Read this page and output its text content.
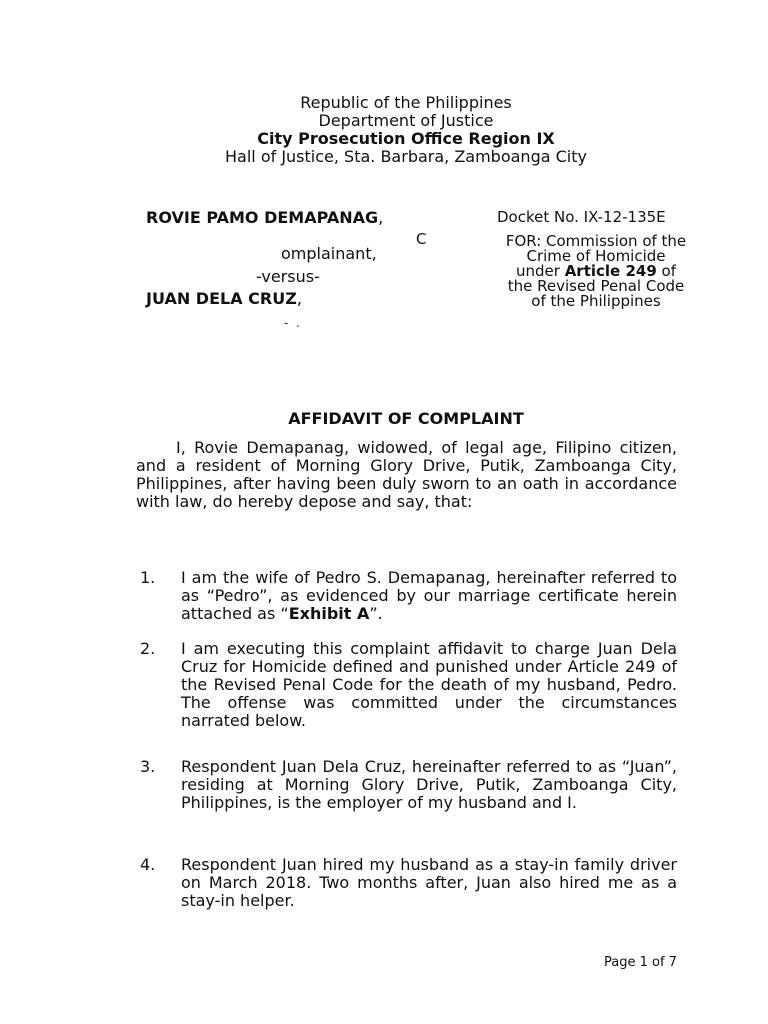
Republic of the Philippines
Department of Justice
City Prosecution Office Region IX
Hall of Justice, Sta. Barbara, Zamboanga City
ROVIE PAMO DEMAPANAG,
C
omplainant,
-versus-
JUAN DELA CRUZ,
- .
Docket No. IX-12-135E
FOR: Commission of the
Crime of Homicide
under Article 249 of
the Revised Penal Code
of the Philippines
AFFIDAVIT OF COMPLAINT
I, Rovie Demapanag, widowed, of legal age, Filipino citizen, and a resident of Morning Glory Drive, Putik, Zamboanga City, Philippines, after having been duly sworn to an oath in accordance with law, do hereby depose and say, that:
1. I am the wife of Pedro S. Demapanag, hereinafter referred to as “Pedro”, as evidenced by our marriage certificate herein attached as “Exhibit A”.
2. I am executing this complaint affidavit to charge Juan Dela Cruz for Homicide defined and punished under Article 249 of the Revised Penal Code for the death of my husband, Pedro. The offense was committed under the circumstances narrated below.
3. Respondent Juan Dela Cruz, hereinafter referred to as “Juan”, residing at Morning Glory Drive, Putik, Zamboanga City, Philippines, is the employer of my husband and I.
4. Respondent Juan hired my husband as a stay-in family driver on March 2018. Two months after, Juan also hired me as a stay-in helper.
Page 1 of 7
